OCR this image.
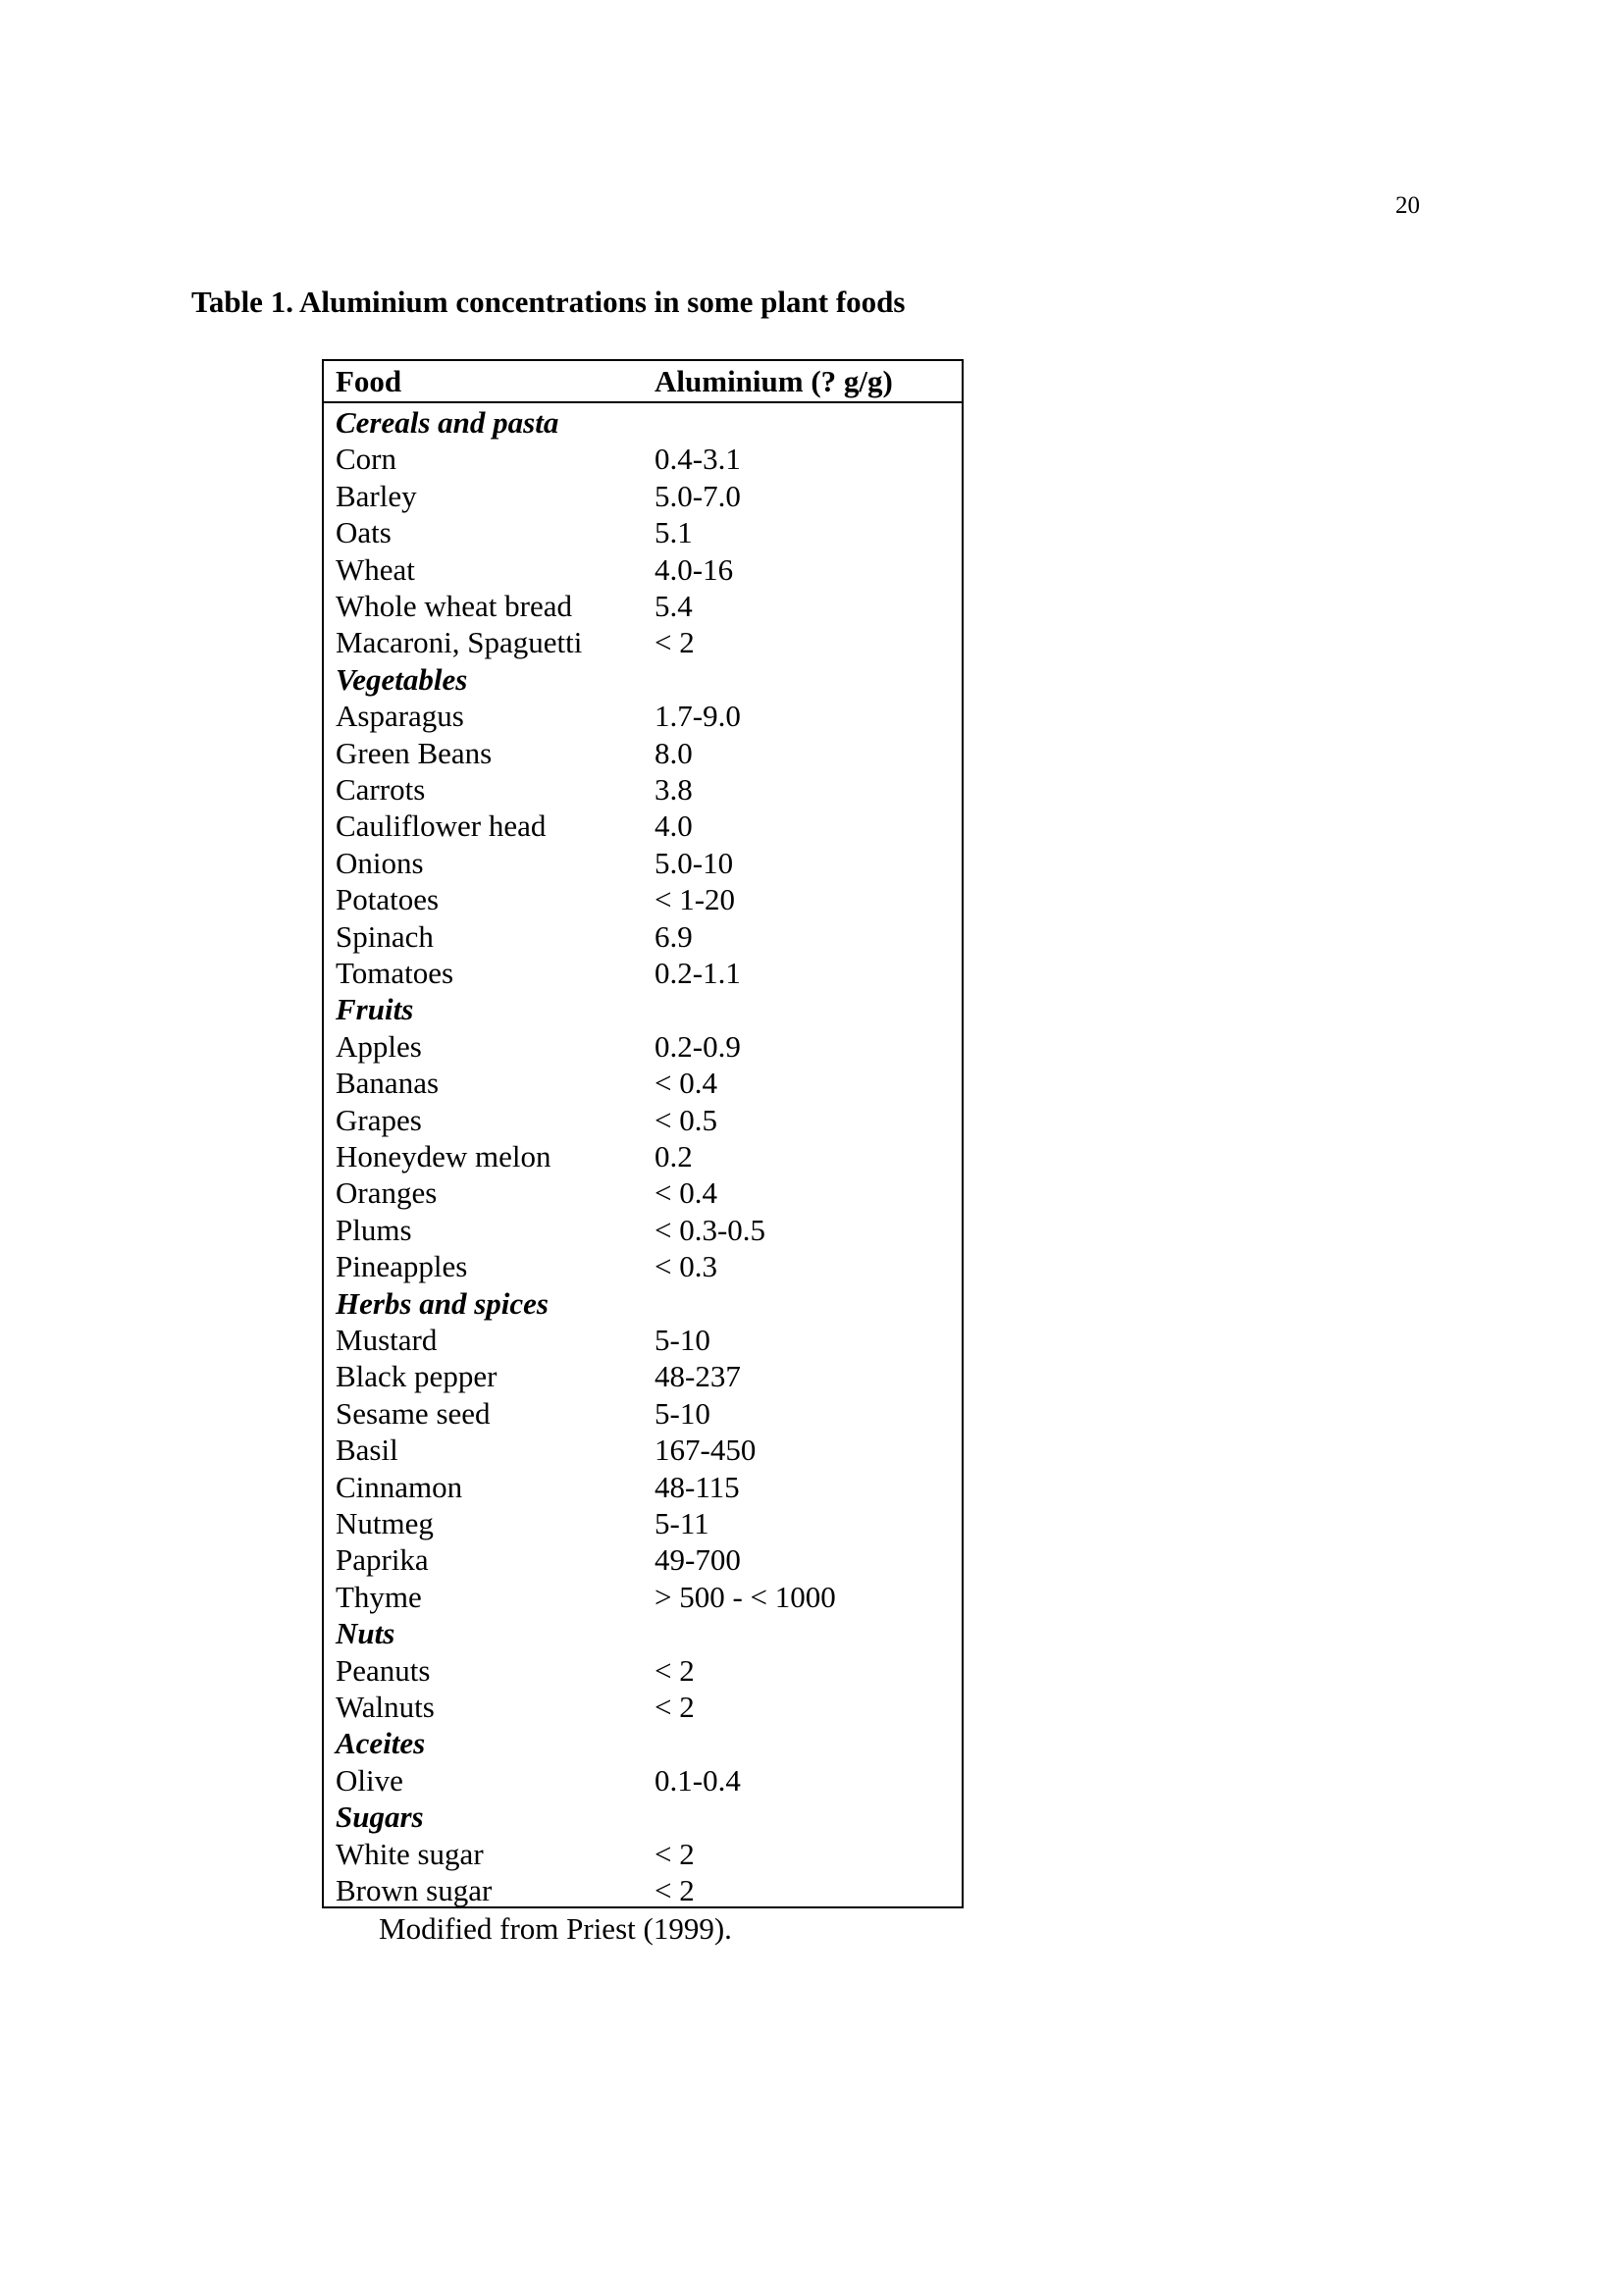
20
Table 1. Aluminium concentrations in some plant foods
Food	Aluminium (? g/g)
Cereals and pasta
Corn	0.4-3.1
Barley	5.0-7.0
Oats	5.1
Wheat	4.0-16
Whole wheat bread	5.4
Macaroni, Spaguetti < 2
Vegetables
Asparagus	1.7-9.0
Green Beans	8.0
Carrots	3.8
Cauliflower head	4.0
Onions	5.0-10
Potatoes	< 1-20
Spinach	6.9
Tomatoes	0.2-1.1
Fruits
Apples	0.2-0.9
Bananas	< 0.4
Grapes	< 0.5
Honeydew melon	0.2
Oranges	< 0.4
Plums	< 0.3-0.5
Pineapples	< 0.3
Herbs and spices
Mustard	5-10
Black pepper	48-237
Sesame seed	5-10
Basil	167-450
Cinnamon	48-115
Nutmeg	5-11
Paprika	49-700
Thyme	> 500 - < 1000
Nuts
Peanuts	< 2
Walnuts	< 2
Aceites
Olive	0.1-0.4
Sugars
White sugar	< 2
Brown sugar	< 2
Modified from Priest (1999).
